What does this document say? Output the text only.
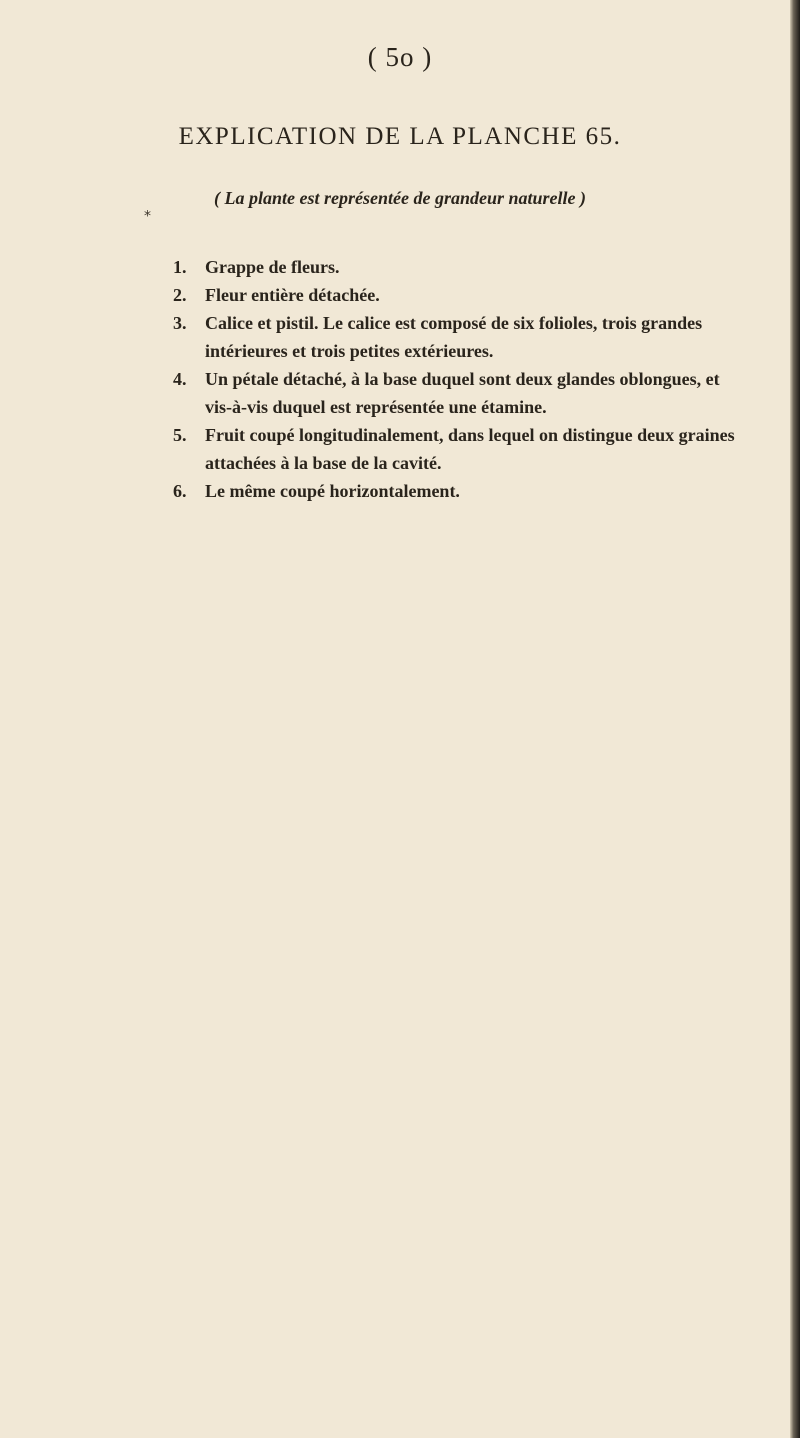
( 5o )
EXPLICATION DE LA PLANCHE 65.
( La plante est représentée de grandeur naturelle )
⁎
1. Grappe de fleurs.
2. Fleur entière détachée.
3. Calice et pistil. Le calice est composé de six folioles, trois grandes
intérieures et trois petites extérieures.
4. Un pétale détaché, à la base duquel sont deux glandes oblongues, et
vis-à-vis duquel est représentée une étamine.
5. Fruit coupé longitudinalement, dans lequel on distingue deux graines
attachées à la base de la cavité.
6. Le même coupé horizontalement.
